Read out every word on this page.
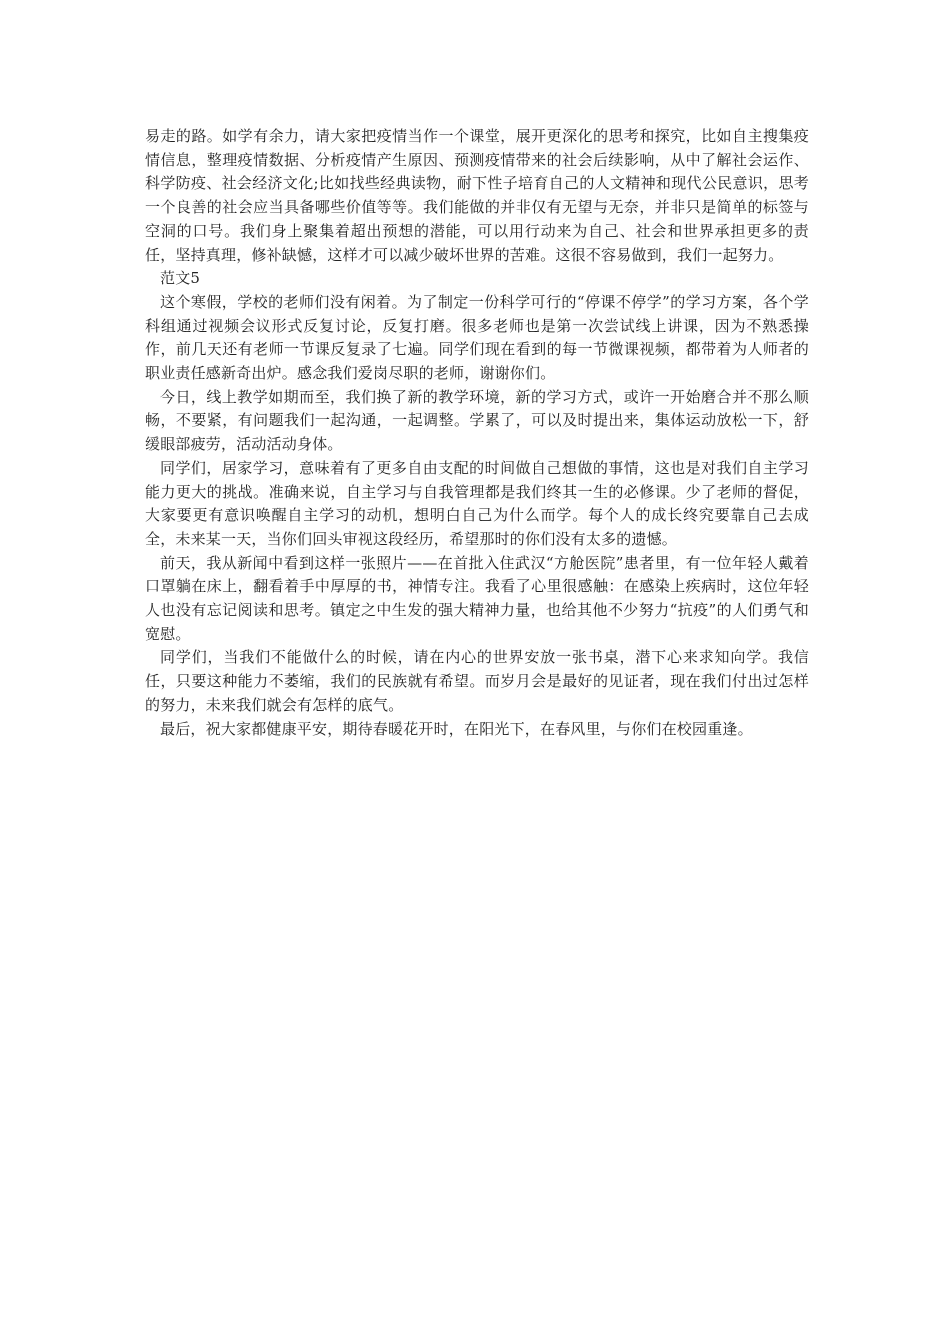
易走的路。如学有余力，请大家把疫情当作一个课堂，展开更深化的思考和探究，比如自主搜集疫情信息，整理疫情数据、分析疫情产生原因、预测疫情带来的社会后续影响，从中了解社会运作、科学防疫、社会经济文化;比如找些经典读物，耐下性子培育自己的人文精神和现代公民意识，思考一个良善的社会应当具备哪些价值等等。我们能做的并非仅有无望与无奈，并非只是简单的标签与空洞的口号。我们身上聚集着超出预想的潜能，可以用行动来为自己、社会和世界承担更多的责任，坚持真理，修补缺憾，这样才可以减少破坏世界的苦难。这很不容易做到，我们一起努力。

范文5

这个寒假，学校的老师们没有闲着。为了制定一份科学可行的“停课不停学”的学习方案，各个学科组通过视频会议形式反复讨论，反复打磨。很多老师也是第一次尝试线上讲课，因为不熟悉操作，前几天还有老师一节课反复录了七遍。同学们现在看到的每一节微课视频，都带着为人师者的职业责任感新奇出炉。感念我们爱岗尽职的老师，谢谢你们。

今日，线上教学如期而至，我们换了新的教学环境，新的学习方式，或许一开始磨合并不那么顺畅，不要紧，有问题我们一起沟通，一起调整。学累了，可以及时提出来，集体运动放松一下，舒缓眼部疲劳，活动活动身体。

同学们，居家学习，意味着有了更多自由支配的时间做自己想做的事情，这也是对我们自主学习能力更大的挑战。准确来说，自主学习与自我管理都是我们终其一生的必修课。少了老师的督促，大家要更有意识唤醒自主学习的动机，想明白自己为什么而学。每个人的成长终究要靠自己去成全，未来某一天，当你们回头审视这段经历，希望那时的你们没有太多的遗憾。

前天，我从新闻中看到这样一张照片——在首批入住武汉“方舱医院”患者里，有一位年轻人戴着口罩躺在床上，翻看着手中厚厚的书，神情专注。我看了心里很感触：在感染上疾病时，这位年轻人也没有忘记阅读和思考。镇定之中生发的强大精神力量，也给其他不少努力“抗疫”的人们勇气和宽慰。

同学们，当我们不能做什么的时候，请在内心的世界安放一张书桌，潜下心来求知向学。我信任，只要这种能力不萎缩，我们的民族就有希望。而岁月会是最好的见证者，现在我们付出过怎样的努力，未来我们就会有怎样的底气。

最后，祝大家都健康平安，期待春暖花开时，在阳光下，在春风里，与你们在校园重逢。
